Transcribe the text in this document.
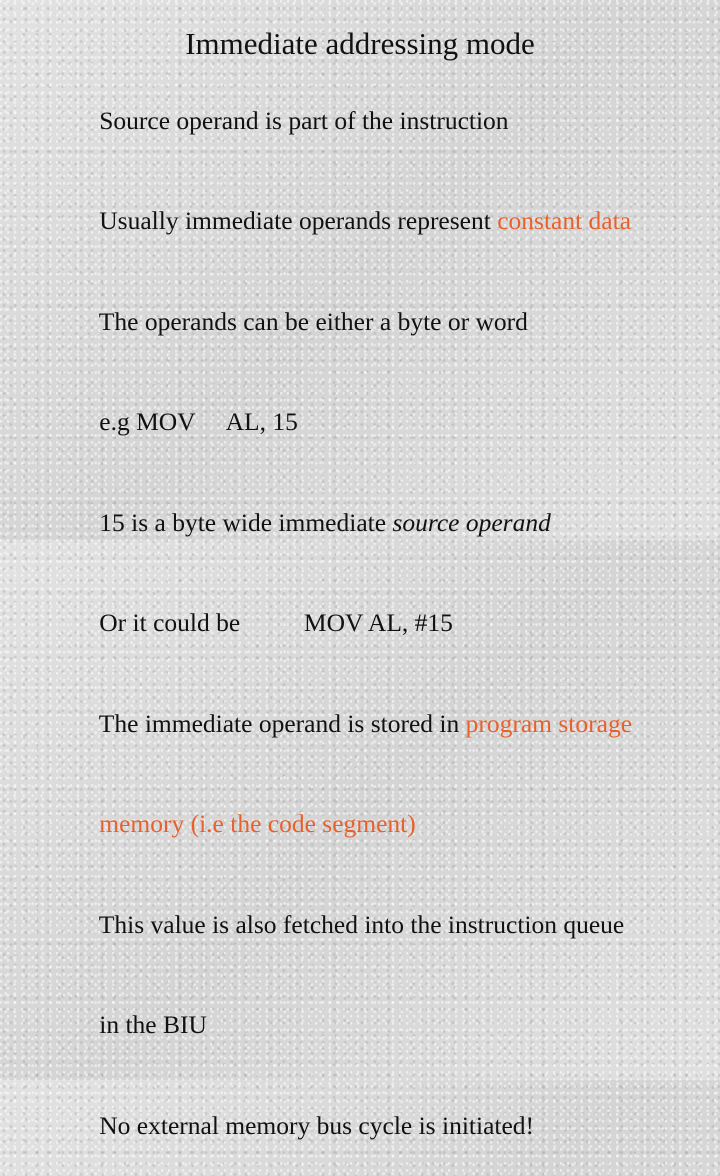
Immediate addressing mode

Source operand is part of the instruction

Usually immediate operands represent constant data

The operands can be either a byte or word

e.g MOV     AL, 15

15 is a byte wide immediate source operand

Or it could be          MOV AL, #15

The immediate operand is stored in program storage

memory (i.e the code segment)

This value is also fetched into the instruction queue

in the BIU

No external memory bus cycle is initiated!
